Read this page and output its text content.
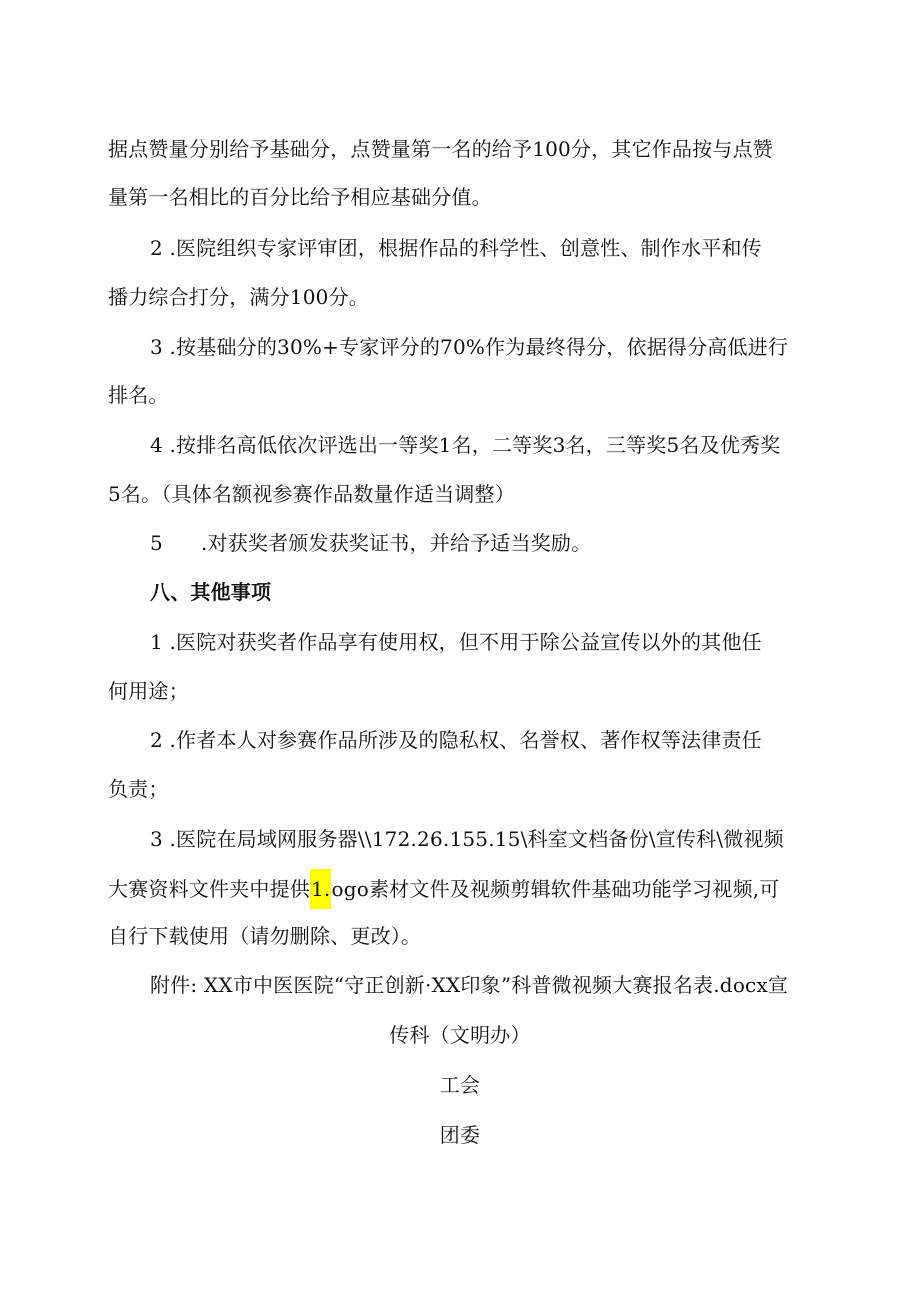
据点赞量分别给予基础分，点赞量第一名的给予100分，其它作品按与点赞
量第一名相比的百分比给予相应基础分值。
2 .医院组织专家评审团，根据作品的科学性、创意性、制作水平和传
播力综合打分，满分100分。
3 .按基础分的30%+专家评分的70%作为最终得分，依据得分高低进行
排名。
4 .按排名高低依次评选出一等奖1名，二等奖3名，三等奖5名及优秀奖
5名。（具体名额视参赛作品数量作适当调整）
5 .对获奖者颁发获奖证书，并给予适当奖励。
八、其他事项
1 .医院对获奖者作品享有使用权，但不用于除公益宣传以外的其他任
何用途；
2 .作者本人对参赛作品所涉及的隐私权、名誉权、著作权等法律责任
负责；
3 .医院在局域网服务器\\172.26.155.15\科室文档备份\宣传科\微视频
大赛资料文件夹中提供1.ogo素材文件及视频剪辑软件基础功能学习视频,可
自行下载使用（请勿删除、更改）。
附件: XX市中医医院“守正创新·XX印象”科普微视频大赛报名表.docx宣
传科（文明办）
工会
团委
